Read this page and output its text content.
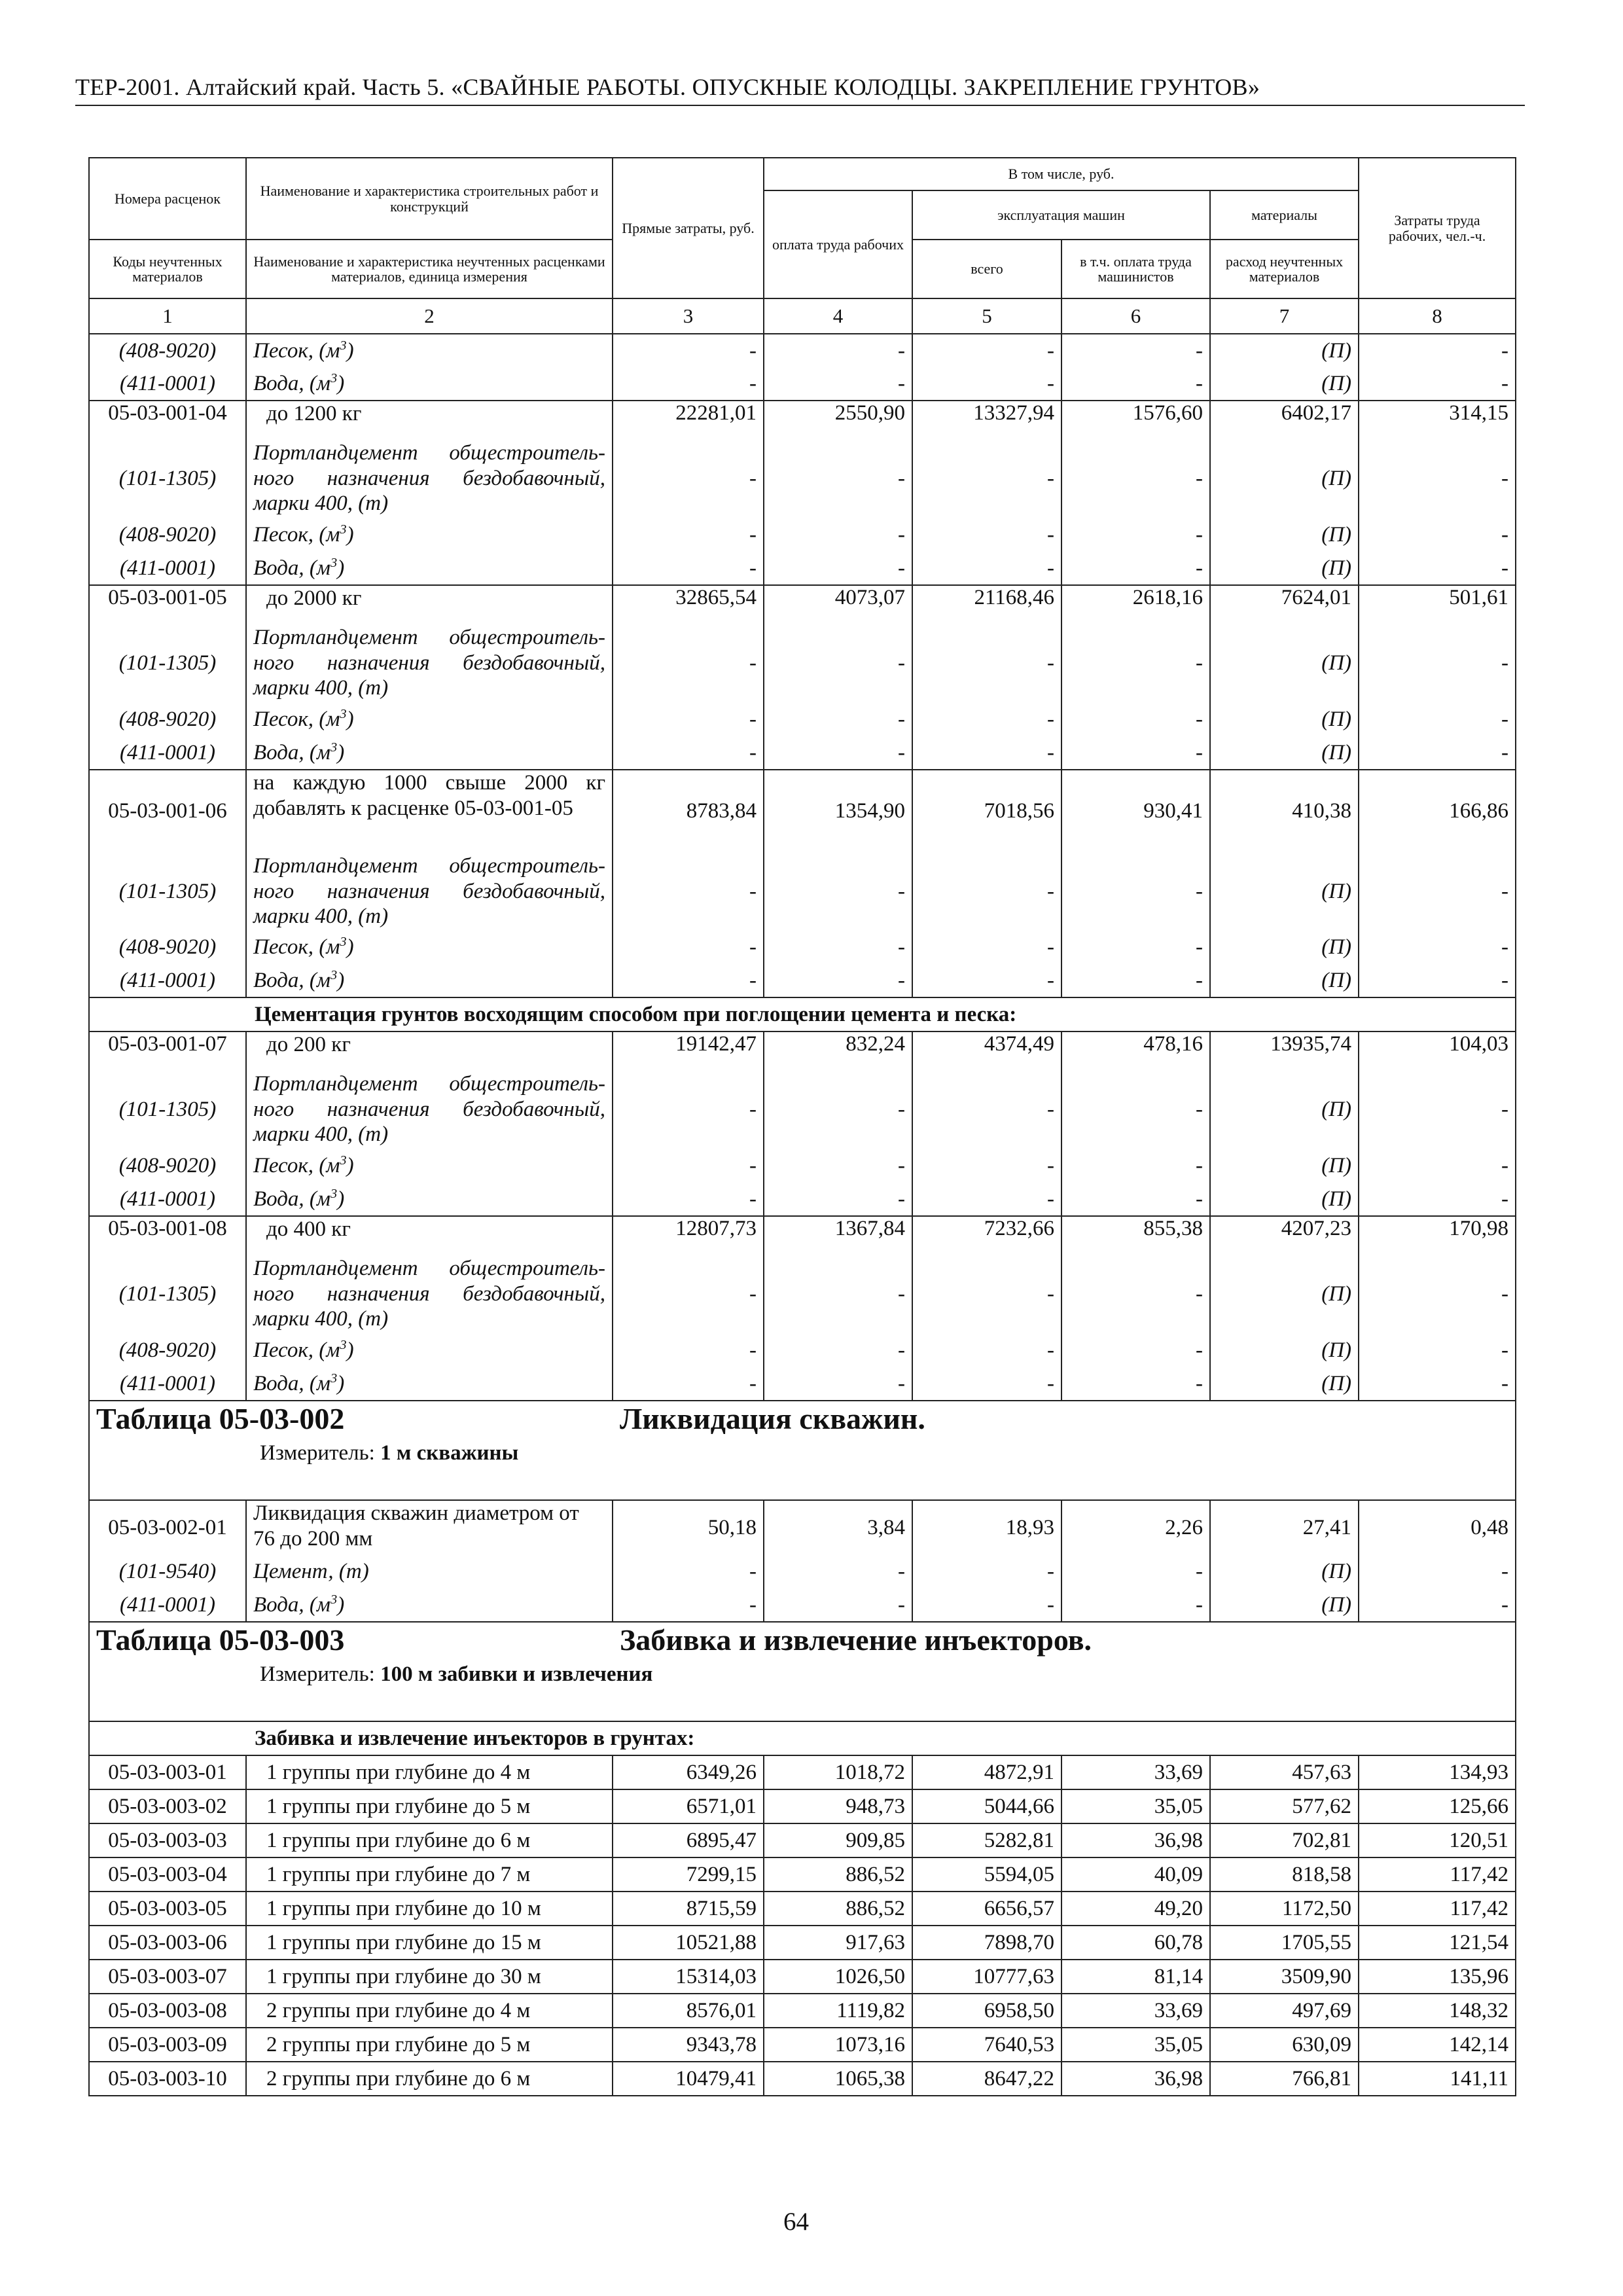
ТЕР-2001. Алтайский край. Часть 5. «СВАЙНЫЕ РАБОТЫ. ОПУСКНЫЕ КОЛОДЦЫ. ЗАКРЕПЛЕНИЕ ГРУНТОВ»
Номера расценок	Наименование и характеристика строительных работ и конструкций	Прямые затраты, руб.	В том числе, руб.				Затраты труда рабочих, чел.-ч.
			оплата труда рабочих	эксплуатация машин		материалы	
Коды неучтенных материалов	Наименование и характеристика неучтенных расценками материалов, единица измерения			всего	в т.ч. оплата труда машинистов	расход неучтенных материалов	

1	2	3	4	5	6	7	8
(408-9020)	Песок, $(м^3)$	-	-	-	-	(П)	-
(411-0001)	Вода, $(м^3)$	-	-	-	-	(П)	-
05-03-001-04	до 1200 кг	22281,01	2550,90	13327,94	1576,60	6402,17	314,15
(101-1305)	Портландцемент общестроитель-ного назначения бездобавочный, марки 400, (т)	-	-	-	-	(П)	-
(408-9020)	Песок, $(м^3)$	-	-	-	-	(П)	-
(411-0001)	Вода, $(м^3)$	-	-	-	-	(П)	-
05-03-001-05	до 2000 кг	32865,54	4073,07	21168,46	2618,16	7624,01	501,61
(101-1305)	Портландцемент общестроитель-ного назначения бездобавочный, марки 400, (т)	-	-	-	-	(П)	-
(408-9020)	Песок, $(м^3)$	-	-	-	-	(П)	-
(411-0001)	Вода, $(м^3)$	-	-	-	-	(П)	-
05-03-001-06	на каждую 1000 свыше 2000 кг добавлять к расценке 05-03-001-05	8783,84	1354,90	7018,56	930,41	410,38	166,86
(101-1305)	Портландцемент общестроитель-ного назначения бездобавочный, марки 400, (т)	-	-	-	-	(П)	-
(408-9020)	Песок, $(м^3)$	-	-	-	-	(П)	-
(411-0001)	Вода, $(м^3)$	-	-	-	-	(П)	-
Цементация грунтов восходящим способом при поглощении цемента и песка:							
05-03-001-07	до 200 кг	19142,47	832,24	4374,49	478,16	13935,74	104,03
(101-1305)	Портландцемент общестроитель-ного назначения бездобавочный, марки 400, (т)	-	-	-	-	(П)	-
(408-9020)	Песок, $(м^3)$	-	-	-	-	(П)	-
(411-0001)	Вода, $(м^3)$	-	-	-	-	(П)	-
05-03-001-08	до 400 кг	12807,73	1367,84	7232,66	855,38	4207,23	170,98
(101-1305)	Портландцемент общестроитель-ного назначения бездобавочный, марки 400, (т)	-	-	-	-	(П)	-
(408-9020)	Песок, $(м^3)$	-	-	-	-	(П)	-
(411-0001)	Вода, $(м^3)$	-	-	-	-	(П)	-

Таблица 05-03-002 Ликвидация скважин.
Измеритель: 1 м скважины							

05-03-002-01	Ликвидация скважин диаметром от 76 до 200 мм	50,18	3,84	18,93	2,26	27,41	0,48
(101-9540)	Цемент, (т)	-	-	-	-	(П)	-
(411-0001)	Вода, $(м^3)$	-	-	-	-	(П)	-

Таблица 05-03-003 Забивка и извлечение инъекторов.
Измеритель: 100 м забивки и извлечения							

Забивка и извлечение инъекторов в грунтах:							
05-03-003-01	1 группы при глубине до 4 м	6349,26	1018,72	4872,91	33,69	457,63	134,93
05-03-003-02	1 группы при глубине до 5 м	6571,01	948,73	5044,66	35,05	577,62	125,66
05-03-003-03	1 группы при глубине до 6 м	6895,47	909,85	5282,81	36,98	702,81	120,51
05-03-003-04	1 группы при глубине до 7 м	7299,15	886,52	5594,05	40,09	818,58	117,42
05-03-003-05	1 группы при глубине до 10 м	8715,59	886,52	6656,57	49,20	1172,50	117,42
05-03-003-06	1 группы при глубине до 15 м	10521,88	917,63	7898,70	60,78	1705,55	121,54
05-03-003-07	1 группы при глубине до 30 м	15314,03	1026,50	10777,63	81,14	3509,90	135,96
05-03-003-08	2 группы при глубине до 4 м	8576,01	1119,82	6958,50	33,69	497,69	148,32
05-03-003-09	2 группы при глубине до 5 м	9343,78	1073,16	7640,53	35,05	630,09	142,14
05-03-003-10	2 группы при глубине до 6 м	10479,41	1065,38	8647,22	36,98	766,81	141,11
64
